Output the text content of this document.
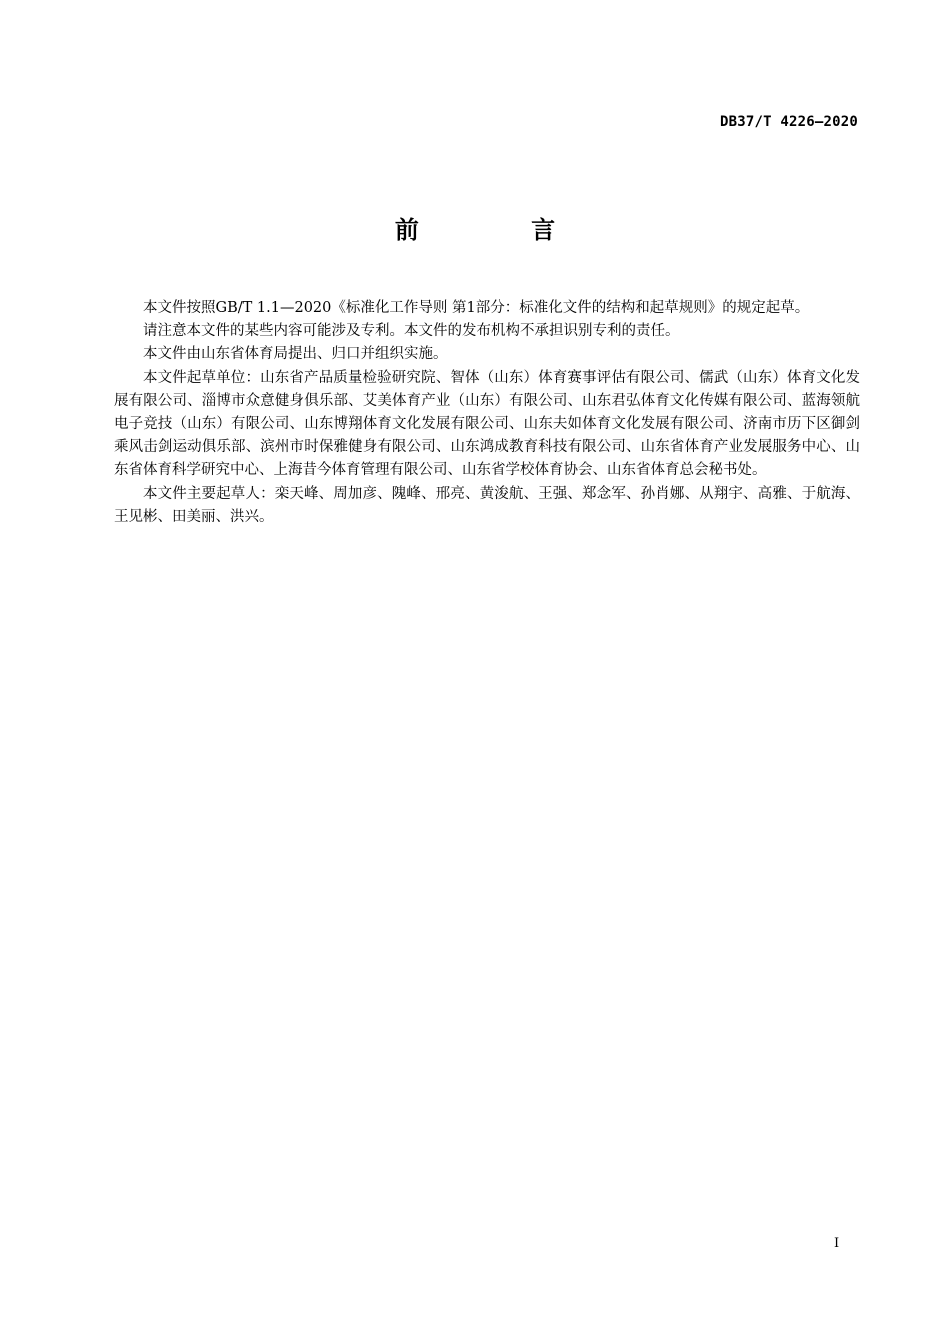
DB37/T 4226—2020
前 言

本文件按照GB/T 1.1—2020《标准化工作导则 第1部分：标准化文件的结构和起草规则》的规定起草。

请注意本文件的某些内容可能涉及专利。本文件的发布机构不承担识别专利的责任。

本文件由山东省体育局提出、归口并组织实施。

本文件起草单位：山东省产品质量检验研究院、智体（山东）体育赛事评估有限公司、儒武（山东）体育文化发展有限公司、淄博市众意健身俱乐部、艾美体育产业（山东）有限公司、山东君弘体育文化传媒有限公司、蓝海领航电子竞技（山东）有限公司、山东博翔体育文化发展有限公司、山东夫如体育文化发展有限公司、济南市历下区御剑乘风击剑运动俱乐部、滨州市时保雅健身有限公司、山东鸿成教育科技有限公司、山东省体育产业发展服务中心、山东省体育科学研究中心、上海昔今体育管理有限公司、山东省学校体育协会、山东省体育总会秘书处。

本文件主要起草人：栾天峰、周加彦、隗峰、邢亮、黄浚航、王强、郑念军、孙肖娜、从翔宇、高雅、于航海、王见彬、田美丽、洪兴。

I
